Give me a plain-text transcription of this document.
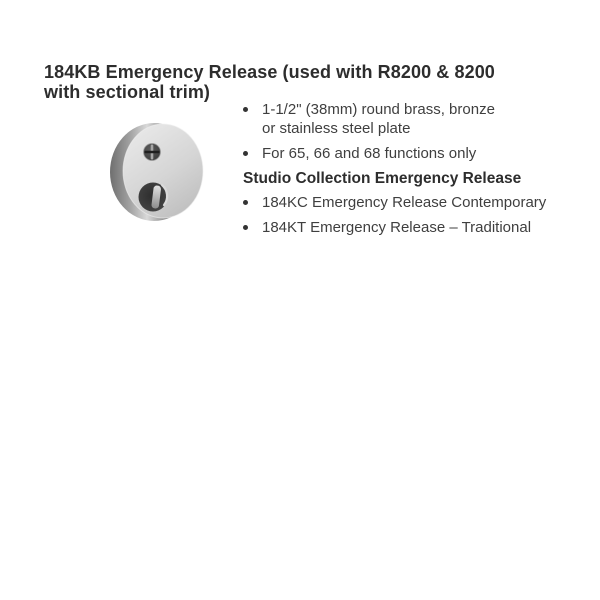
184KB Emergency Release (used with R8200 & 8200
with sectional trim)
1-1/2" (38mm) round brass, bronze
or stainless steel plate
For 65, 66 and 68 functions only
Studio Collection Emergency Release
184KC Emergency Release Contemporary
184KT Emergency Release – Traditional
